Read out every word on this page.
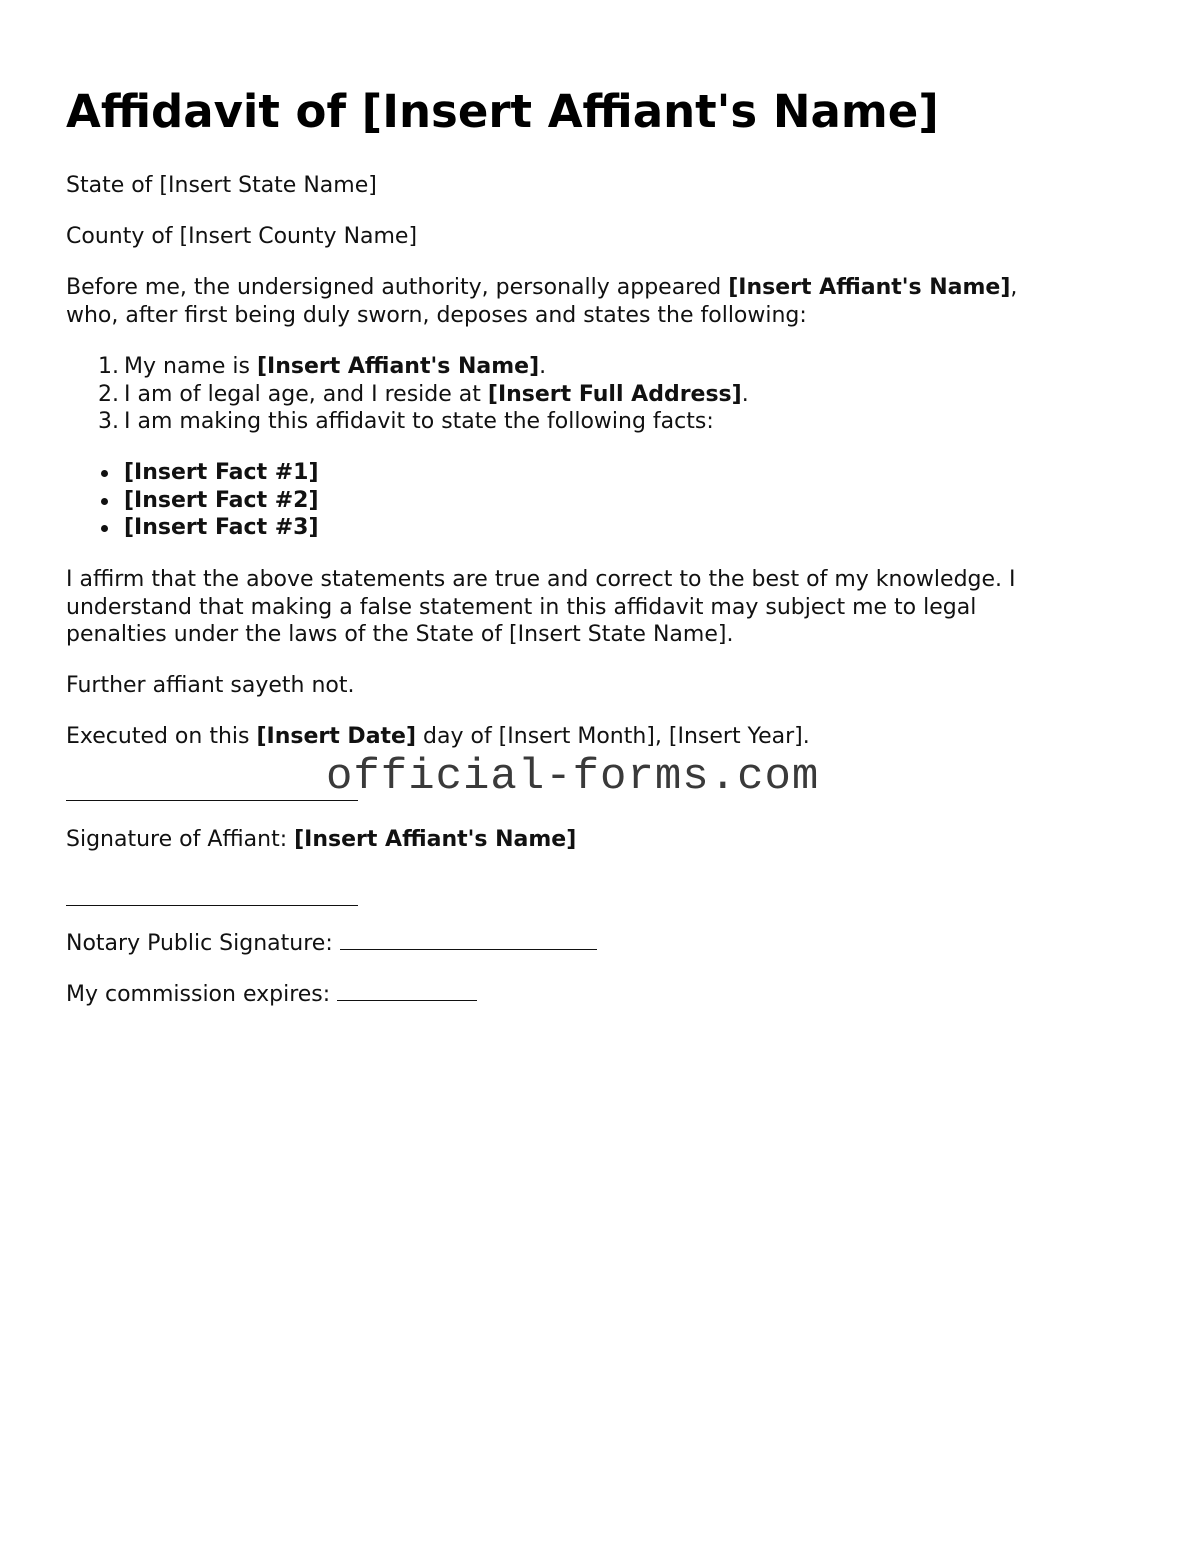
Affidavit of [Insert Affiant's Name]

State of [Insert State Name]

County of [Insert County Name]

Before me, the undersigned authority, personally appeared [Insert Affiant's Name],

who, after first being duly sworn, deposes and states the following:

1. My name is [Insert Affiant's Name].
2. I am of legal age, and I reside at [Insert Full Address].
3. I am making this affidavit to state the following facts:
[Insert Fact #1]
[Insert Fact #2]
[Insert Fact #3]

I affirm that the above statements are true and correct to the best of my knowledge. I

understand that making a false statement in this affidavit may subject me to legal

penalties under the laws of the State of [Insert State Name].

Further affiant sayeth not.

Executed on this [Insert Date] day of [Insert Month], [Insert Year].

Signature of Affiant: [Insert Affiant's Name]

Notary Public Signature:

My commission expires:

official-forms.com
